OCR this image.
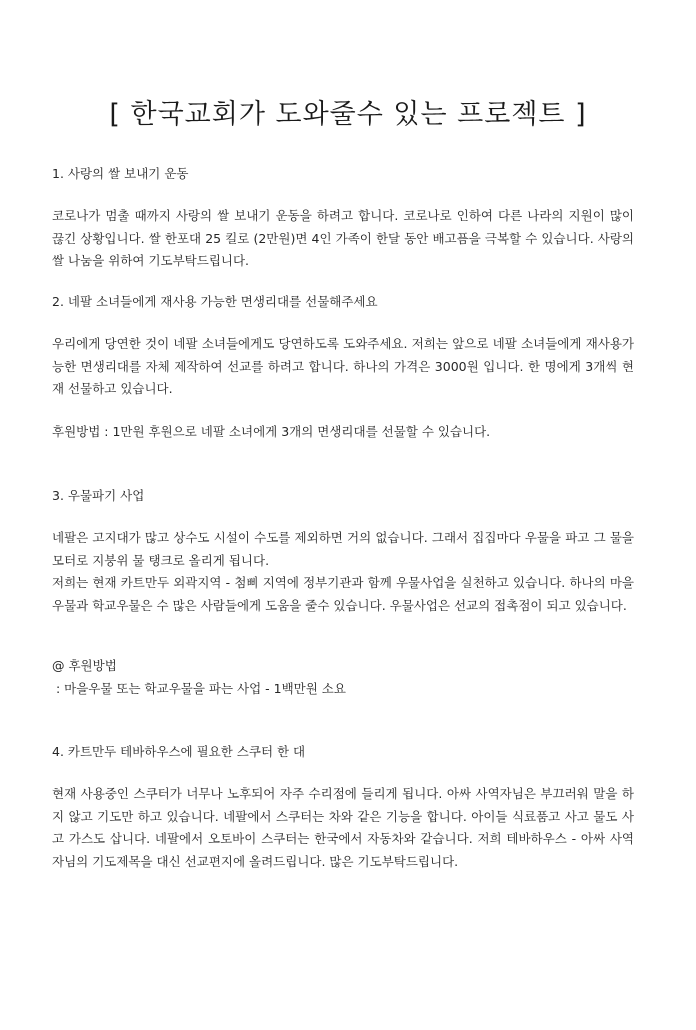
[ 한국교회가 도와줄수 있는 프로젝트 ]
1. 사랑의 쌀 보내기 운동
코로나가 멈출 때까지 사랑의 쌀 보내기 운동을 하려고 합니다. 코로나로 인하여 다른 나라의 지원이 많이 끊긴 상황입니다. 쌀 한포대 25 킬로 (2만원)면 4인 가족이 한달 동안 배고픔을 극복할 수 있습니다. 사랑의 쌀 나눔을 위하여 기도부탁드립니다.
2. 네팔 소녀들에게 재사용 가능한 면생리대를 선물해주세요
우리에게 당연한 것이 네팔 소녀들에게도 당연하도록 도와주세요. 저희는 앞으로 네팔 소녀들에게 재사용가능한 면생리대를 자체 제작하여 선교를 하려고 합니다. 하나의 가격은 3000원 입니다. 한 명에게 3개씩 현재 선물하고 있습니다.
후원방법 : 1만원 후원으로 네팔 소녀에게 3개의 면생리대를 선물할 수 있습니다.
3. 우물파기 사업
네팔은 고지대가 많고 상수도 시설이 수도를 제외하면 거의 없습니다. 그래서 집집마다 우물을 파고 그 물을 모터로 지붕위 물 탱크로 올리게 됩니다.
저희는 현재 카트만두 외곽지역 - 첨삐 지역에 정부기관과 함께 우물사업을 실천하고 있습니다. 하나의 마을우물과 학교우물은 수 많은 사람들에게 도움을 줄수 있습니다. 우물사업은 선교의 접촉점이 되고 있습니다.
@ 후원방법
: 마을우물 또는 학교우물을 파는 사업 - 1백만원 소요
4. 카트만두 테바하우스에 필요한 스쿠터 한 대
현재 사용중인 스쿠터가 너무나 노후되어 자주 수리점에 들리게 됩니다. 아싸 사역자님은 부끄러워 말을 하지 않고 기도만 하고 있습니다. 네팔에서 스쿠터는 차와 같은 기능을 합니다. 아이들 식료품고 사고 물도 사고 가스도 삽니다. 네팔에서 오토바이 스쿠터는 한국에서 자동차와 같습니다. 저희 테바하우스 - 아싸 사역자님의 기도제목을 대신 선교편지에 올려드립니다. 많은 기도부탁드립니다.
